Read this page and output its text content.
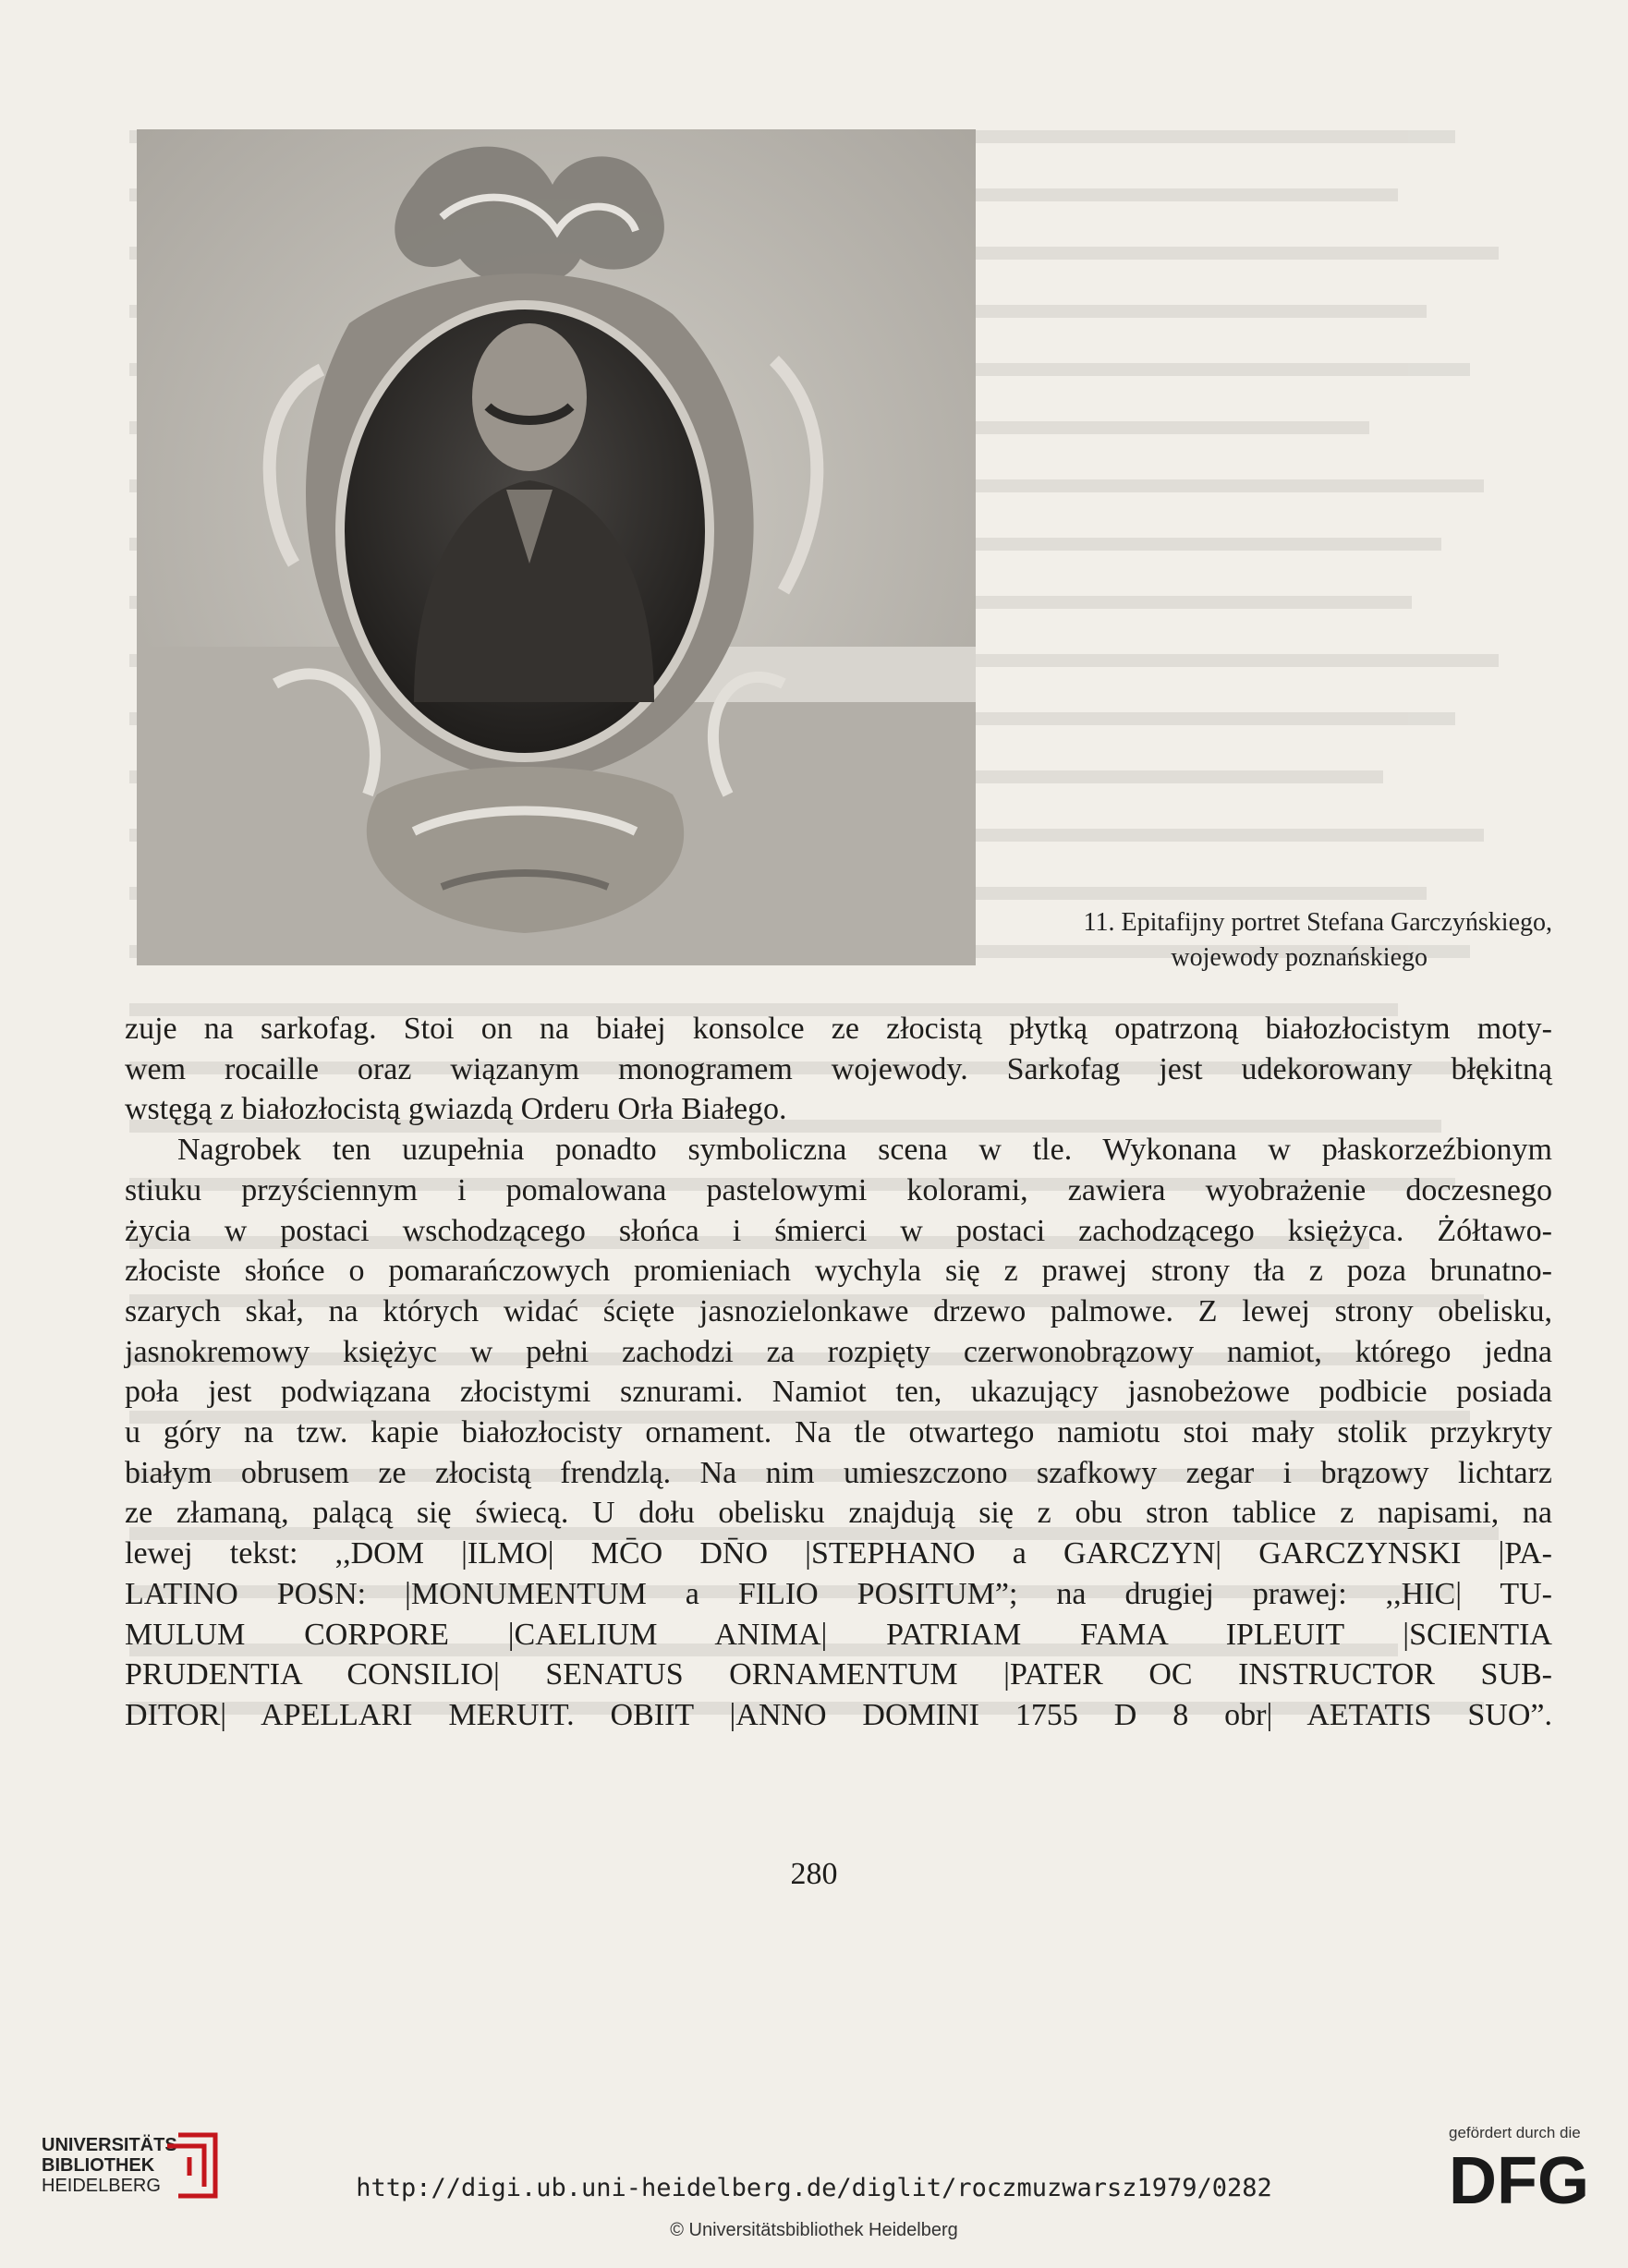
11. Epitafijny portret Stefana Garczyńskiego,
wojewody poznańskiego
zuje na sarkofag. Stoi on na białej konsolce ze złocistą płytką opatrzoną białozłocistym moty-
wem rocaille oraz wiązanym monogramem wojewody. Sarkofag jest udekorowany błękitną
wstęgą z białozłocistą gwiazdą Orderu Orła Białego.
Nagrobek ten uzupełnia ponadto symboliczna scena w tle. Wykonana w płaskorzeźbionym
stiuku przyściennym i pomalowana pastelowymi kolorami, zawiera wyobrażenie doczesnego
życia w postaci wschodzącego słońca i śmierci w postaci zachodzącego księżyca. Żółtawo-
złociste słońce o pomarańczowych promieniach wychyla się z prawej strony tła z poza brunatno-
szarych skał, na których widać ścięte jasnozielonkawe drzewo palmowe. Z lewej strony obelisku,
jasnokremowy księżyc w pełni zachodzi za rozpięty czerwonobrązowy namiot, którego jedna
poła jest podwiązana złocistymi sznurami. Namiot ten, ukazujący jasnobeżowe podbicie posiada
u góry na tzw. kapie białozłocisty ornament. Na tle otwartego namiotu stoi mały stolik przykryty
białym obrusem ze złocistą frendzlą. Na nim umieszczono szafkowy zegar i brązowy lichtarz
ze złamaną, palącą się świecą. U dołu obelisku znajdują się z obu stron tablice z napisami, na
lewej tekst: ,,DOM |ILMO| MC̄O DN̄O |STEPHANO a GARCZYN| GARCZYNSKI |PA-
LATINO POSN: |MONUMENTUM a FILIO POSITUM”; na drugiej prawej: ,,HIC| TU-
MULUM CORPORE |CAELIUM ANIMA| PATRIAM FAMA IPLEUIT |SCIENTIA
PRUDENTIA CONSILIO| SENATUS ORNAMENTUM |PATER OC INSTRUCTOR SUB-
DITOR| APELLARI MERUIT. OBIIT |ANNO DOMINI 1755 D 8 obr| AETATIS SUO”.
280
UNIVERSITÄTS-
BIBLIOTHEK
HEIDELBERG	http://digi.ub.uni-heidelberg.de/diglit/roczmuzwarsz1979/0282
© Universitätsbibliothek Heidelberg
gefördert durch die
DFG
